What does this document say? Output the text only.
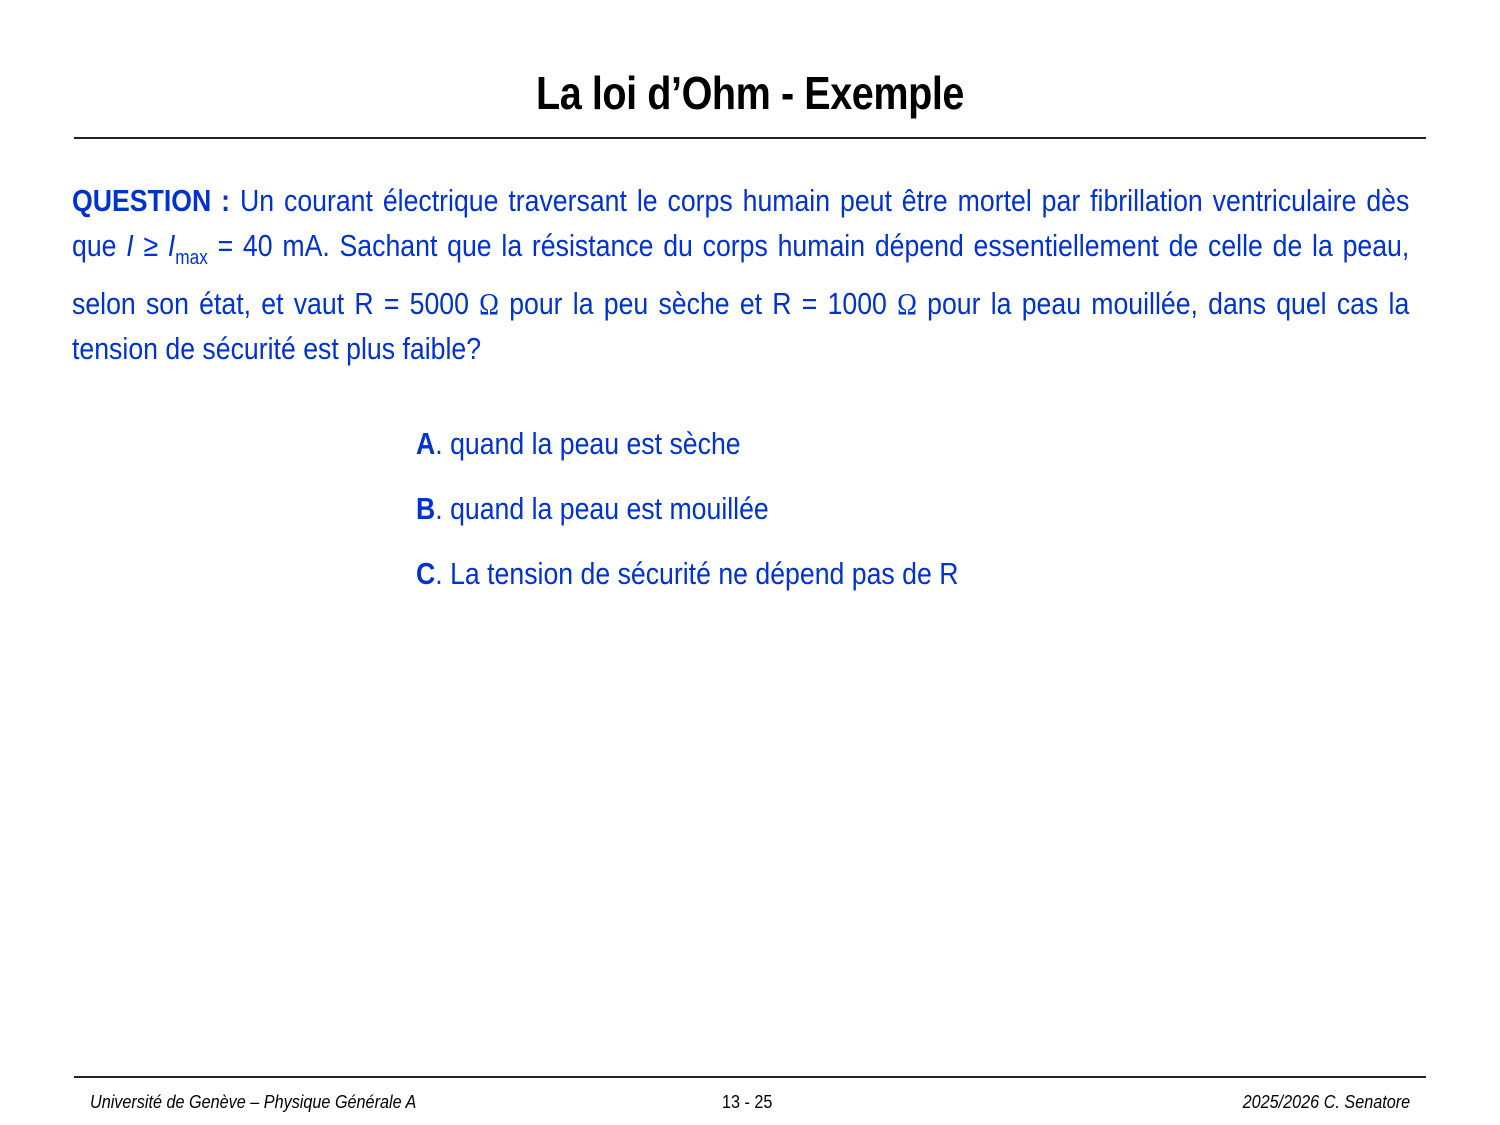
La loi d’Ohm - Exemple
QUESTION : Un courant électrique traversant le corps humain peut être mortel par fibrillation ventriculaire dès que $I \ge I_{max} = 40$ mA. Sachant que la résistance du corps humain dépend essentiellement de celle de la peau, selon son état, et vaut R = 5000 Ω pour la peu sèche et R = 1000 Ω pour la peau mouillée, dans quel cas la tension de sécurité est plus faible?
A. quand la peau est sèche
B. quand la peau est mouillée
C. La tension de sécurité ne dépend pas de R
Université de Genève – Physique Générale A	13 - 25	2025/2026 C. Senatore
